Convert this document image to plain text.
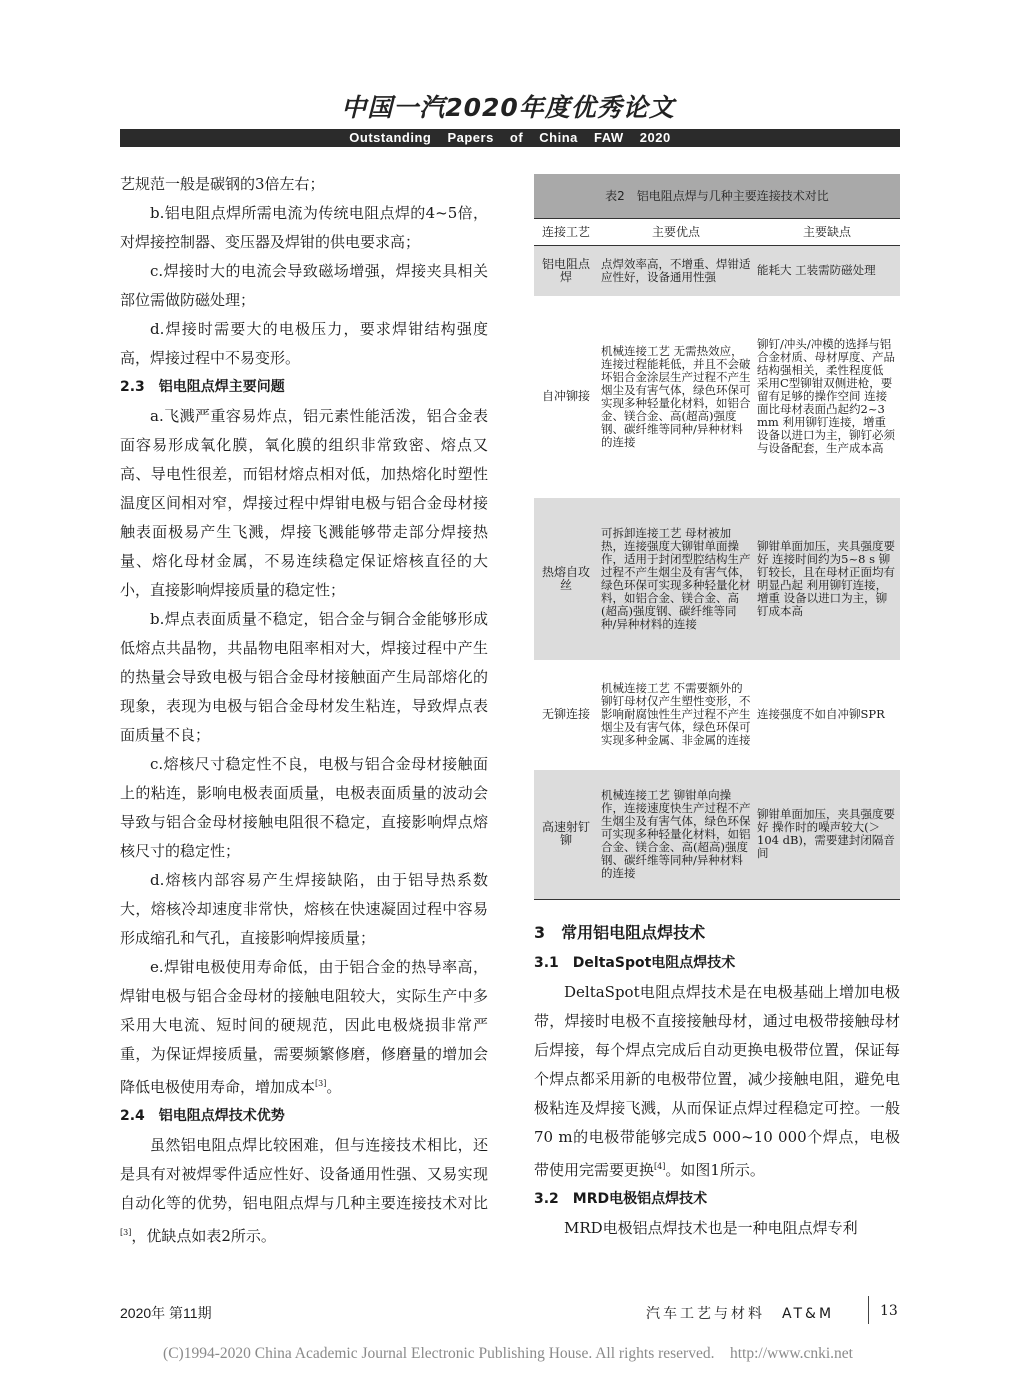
中国一汽2020年度优秀论文
Outstanding Papers of China FAW 2020

艺规范一般是碳钢的3倍左右；

b.铝电阻点焊所需电流为传统电阻点焊的4~5倍，对焊接控制器、变压器及焊钳的供电要求高；

c.焊接时大的电流会导致磁场增强，焊接夹具相关部位需做防磁处理；

d.焊接时需要大的电极压力，要求焊钳结构强度高，焊接过程中不易变形。

2.3　铝电阻点焊主要问题

a.飞溅严重容易炸点，铝元素性能活泼，铝合金表面容易形成氧化膜，氧化膜的组织非常致密、熔点又高、导电性很差，而铝材熔点相对低，加热熔化时塑性温度区间相对窄，焊接过程中焊钳电极与铝合金母材接触表面极易产生飞溅，焊接飞溅能够带走部分焊接热量、熔化母材金属，不易连续稳定保证熔核直径的大小，直接影响焊接质量的稳定性；

b.焊点表面质量不稳定，铝合金与铜合金能够形成低熔点共晶物，共晶物电阻率相对大，焊接过程中产生的热量会导致电极与铝合金母材接触面产生局部熔化的现象，表现为电极与铝合金母材发生粘连，导致焊点表面质量不良；

c.熔核尺寸稳定性不良，电极与铝合金母材接触面上的粘连，影响电极表面质量，电极表面质量的波动会导致与铝合金母材接触电阻很不稳定，直接影响焊点熔核尺寸的稳定性；

d.熔核内部容易产生焊接缺陷，由于铝导热系数大，熔核冷却速度非常快，熔核在快速凝固过程中容易形成缩孔和气孔，直接影响焊接质量；

e.焊钳电极使用寿命低，由于铝合金的热导率高，焊钳电极与铝合金母材的接触电阻较大，实际生产中多采用大电流、短时间的硬规范，因此电极烧损非常严重，为保证焊接质量，需要频繁修磨，修磨量的增加会降低电极使用寿命，增加成本[3]。

2.4　铝电阻点焊技术优势

虽然铝电阻点焊比较困难，但与连接技术相比，还是具有对被焊零件适应性好、设备通用性强、又易实现自动化等的优势，铝电阻点焊与几种主要连接技术对比[3]，优缺点如表2所示。

表2　铝电阻点焊与几种主要连接技术对比
连接工艺	主要优点	主要缺点
铝电阻点焊	点焊效率高，不增重、焊钳适应性好，设备通用性强	能耗大 工装需防磁处理
自冲铆接	机械连接工艺 无需热效应，连接过程能耗低，并且不会破坏铝合金涂层生产过程不产生烟尘及有害气体，绿色环保可实现多种轻量化材料，如铝合金、镁合金、高(超高)强度钢、碳纤维等同种/异种材料的连接	铆钉/冲头/冲模的选择与铝合金材质、母材厚度、产品结构强相关，柔性程度低 采用C型铆钳双侧进枪，要留有足够的操作空间 连接面比母材表面凸起约2~3 mm 利用铆钉连接，增重 设备以进口为主，铆钉必须与设备配套，生产成本高
热熔自攻丝	可拆卸连接工艺 母材被加热，连接强度大铆钳单面操作，适用于封闭型腔结构生产过程不产生烟尘及有害气体，绿色环保可实现多种轻量化材料，如铝合金、镁合金、高(超高)强度钢、碳纤维等同种/异种材料的连接	铆钳单面加压，夹具强度要好 连接时间约为5~8 s 铆钉较长，且在母材正面均有明显凸起 利用铆钉连接，增重 设备以进口为主，铆钉成本高
无铆连接	机械连接工艺 不需要额外的铆钉母材仅产生塑性变形，不影响耐腐蚀性生产过程不产生烟尘及有害气体，绿色环保可实现多种金属、非金属的连接	连接强度不如自冲铆SPR
高速射钉铆	机械连接工艺 铆钳单向操作，连接速度快生产过程不产生烟尘及有害气体，绿色环保可实现多种轻量化材料，如铝合金、镁合金、高(超高)强度钢、碳纤维等同种/异种材料的连接	铆钳单面加压，夹具强度要好 操作时的噪声较大(＞104 dB)，需要建封闭隔音间

3　常用铝电阻点焊技术

3.1　DeltaSpot电阻点焊技术

DeltaSpot电阻点焊技术是在电极基础上增加电极带，焊接时电极不直接接触母材，通过电极带接触母材后焊接，每个焊点完成后自动更换电极带位置，保证每个焊点都采用新的电极带位置，减少接触电阻，避免电极粘连及焊接飞溅，从而保证点焊过程稳定可控。一般70 m的电极带能够完成5 000~10 000个焊点，电极带使用完需要更换[4]。如图1所示。

3.2　MRD电极铝点焊技术

MRD电极铝点焊技术也是一种电阻点焊专利

2020年 第11期	汽车工艺与材料　AT&M	13
(C)1994-2020 China Academic Journal Electronic Publishing House. All rights reserved.　http://www.cnki.net
